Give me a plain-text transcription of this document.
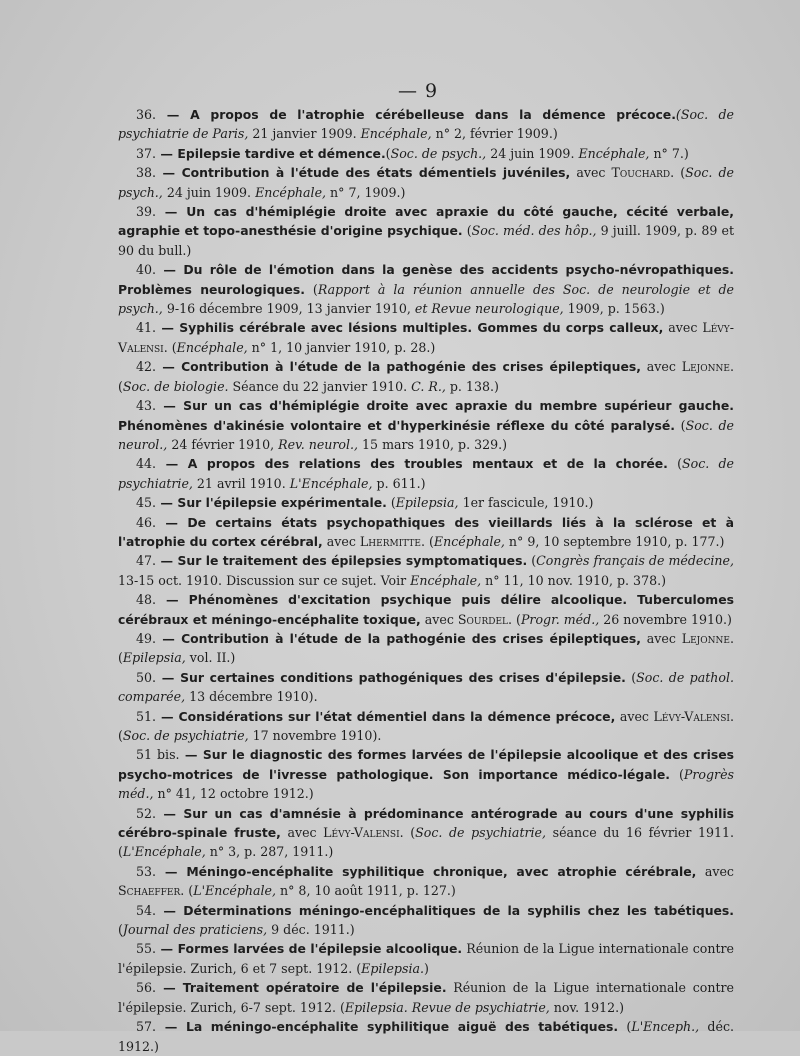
— 9

36. — A propos de l'atrophie cérébelleuse dans la démence précoce.(Soc. de psychiatrie de Paris, 21 janvier 1909. Encéphale, n° 2, février 1909.)

37. — Epilepsie tardive et démence.(Soc. de psych., 24 juin 1909. Encéphale, n° 7.)

38. — Contribution à l'étude des états démentiels juvéniles, avec Touchard. (Soc. de psych., 24 juin 1909. Encéphale, n° 7, 1909.)

39. — Un cas d'hémiplégie droite avec apraxie du côté gauche, cécité verbale, agraphie et topo-anesthésie d'origine psychique. (Soc. méd. des hôp., 9 juill. 1909, p. 89 et 90 du bull.)

40. — Du rôle de l'émotion dans la genèse des accidents psycho-névropathiques. Problèmes neurologiques. (Rapport à la réunion annuelle des Soc. de neurologie et de psych., 9-16 décembre 1909, 13 janvier 1910, et Revue neurologique, 1909, p. 1563.)

41. — Syphilis cérébrale avec lésions multiples. Gommes du corps calleux, avec Lévy-Valensi. (Encéphale, n° 1, 10 janvier 1910, p. 28.)

42. — Contribution à l'étude de la pathogénie des crises épileptiques, avec Lejonne. (Soc. de biologie. Séance du 22 janvier 1910. C. R., p. 138.)

43. — Sur un cas d'hémiplégie droite avec apraxie du membre supérieur gauche. Phénomènes d'akinésie volontaire et d'hyperkinésie réflexe du côté paralysé. (Soc. de neurol., 24 février 1910, Rev. neurol., 15 mars 1910, p. 329.)

44. — A propos des relations des troubles mentaux et de la chorée. (Soc. de psychiatrie, 21 avril 1910. L'Encéphale, p. 611.)

45. — Sur l'épilepsie expérimentale. (Epilepsia, 1er fascicule, 1910.)

46. — De certains états psychopathiques des vieillards liés à la sclérose et à l'atrophie du cortex cérébral, avec Lhermitte. (Encéphale, n° 9, 10 septembre 1910, p. 177.)

47. — Sur le traitement des épilepsies symptomatiques. (Congrès français de médecine, 13-15 oct. 1910. Discussion sur ce sujet. Voir Encéphale, n° 11, 10 nov. 1910, p. 378.)

48. — Phénomènes d'excitation psychique puis délire alcoolique. Tuberculomes cérébraux et méningo-encéphalite toxique, avec Sourdel. (Progr. méd., 26 novembre 1910.)

49. — Contribution à l'étude de la pathogénie des crises épileptiques, avec Lejonne. (Epilepsia, vol. II.)

50. — Sur certaines conditions pathogéniques des crises d'épilepsie. (Soc. de pathol. comparée, 13 décembre 1910).

51. — Considérations sur l'état démentiel dans la démence précoce, avec Lévy-Valensi. (Soc. de psychiatrie, 17 novembre 1910).

51 bis. — Sur le diagnostic des formes larvées de l'épilepsie alcoolique et des crises psycho-motrices de l'ivresse pathologique. Son importance médico-légale. (Progrès méd., n° 41, 12 octobre 1912.)

52. — Sur un cas d'amnésie à prédominance antérograde au cours d'une syphilis cérébro-spinale fruste, avec Lévy-Valensi. (Soc. de psychiatrie, séance du 16 février 1911. (L'Encéphale, n° 3, p. 287, 1911.)

53. — Méningo-encéphalite syphilitique chronique, avec atrophie cérébrale, avec Schaeffer. (L'Encéphale, n° 8, 10 août 1911, p. 127.)

54. — Déterminations méningo-encéphalitiques de la syphilis chez les tabétiques. (Journal des praticiens, 9 déc. 1911.)

55. — Formes larvées de l'épilepsie alcoolique. Réunion de la Ligue internationale contre l'épilepsie. Zurich, 6 et 7 sept. 1912. (Epilepsia.)

56. — Traitement opératoire de l'épilepsie. Réunion de la Ligue internationale contre l'épilepsie. Zurich, 6-7 sept. 1912. (Epilepsia. Revue de psychiatrie, nov. 1912.)

57. — La méningo-encéphalite syphilitique aiguë des tabétiques. (L'Enceph., déc. 1912.)
